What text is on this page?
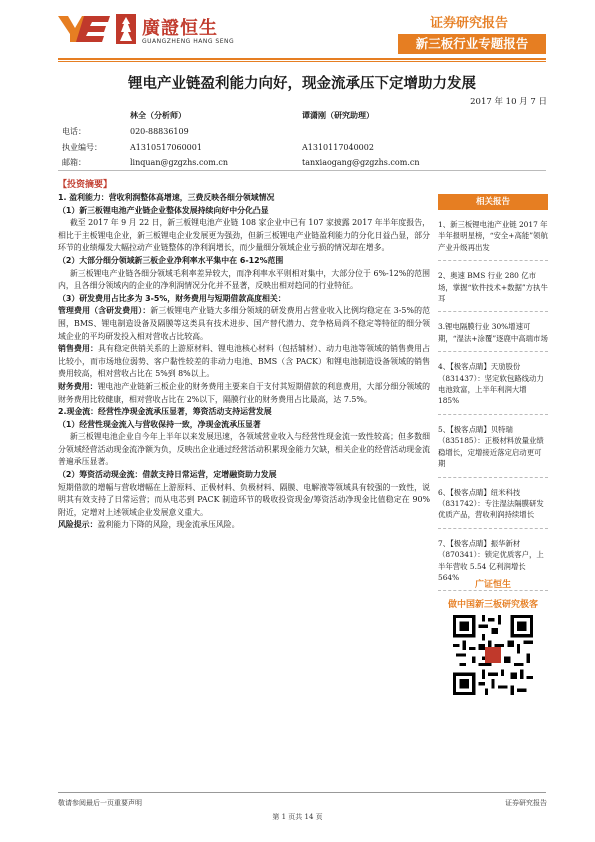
廣證恒生
GUANGZHENG HANG SENG
证券研究报告
新三板行业专题报告
锂电产业链盈利能力向好，现金流承压下定增助力发展
2017 年 10 月 7 日
林全（分析师）	谭潇刚（研究助理）
电话：	020-88836109
执业编号：	A1310517060001	A1310117040002
邮箱：	linquan@gzgzhs.com.cn	tanxiaogang@gzgzhs.com.cn
【投资摘要】

1. 盈利能力：营收利润整体高增速，三费反映各细分领域情况

（1）新三板锂电池产业链企业整体发展持续向好中分化凸显

截至 2017 年 9 月 22 日，新三板锂电池产业链 108 家企业中已有 107 家披露 2017 年半年度报告，相比于主板锂电企业，新三板锂电企业发展更为强劲，但新三板锂电产业链盈利能力的分化日益凸显，部分环节的业绩爆发大幅拉动产业链整体的净利润增长，而少量细分领域企业亏损的情况却在增多。

（2）大部分细分领域新三板企业净利率水平集中在 6-12%范围

新三板锂电产业链各细分领域毛利率差异较大，而净利率水平则相对集中，大部分位于 6%-12%的范围内，且各细分领域内的企业的净利润情况分化并不显著，反映出相对趋同的行业特征。

（3）研发费用占比多为 3-5%，财务费用与短期借款高度相关：

管理费用（含研发费用）：新三板锂电产业链大多细分领域的研发费用占营业收入比例均稳定在 3-5%的范围，BMS、锂电制造设备及隔膜等这类具有技术进步、国产替代潜力、竞争格局尚不稳定等特征的细分领域企业的平均研发投入相对营收占比较高。

销售费用：具有稳定供销关系的上游原材料、锂电池核心材料（包括辅材）、动力电池等领域的销售费用占比较小，而市场地位弱势、客户黏性较差的非动力电池、BMS（含 PACK）和锂电池制造设备领域的销售费用较高，相对营收占比在 5%到 8%以上。

财务费用：锂电池产业链新三板企业的财务费用主要来自于支付其短期借款的利息费用，大部分细分领域的财务费用比较健康，相对营收占比在 2%以下，隔膜行业的财务费用占比最高，达 7.5%。

2.现金流：经营性净现金流承压显著，筹资活动支持运营发展

（1）经营性现金流入与营收保持一致，净现金流承压显著

新三板锂电池企业自今年上半年以来发展迅速，各领域营业收入与经营性现金流一致性较高；但多数细分领域经营活动现金流净额为负，反映出企业通过经营活动积累现金能力欠缺，相关企业的经营活动现金流普遍承压显著。

（2）筹资活动现金流：借款支持日常运营，定增融资助力发展

短期借款的增幅与营收增幅在上游原料、正极材料、负极材料、隔膜、电解液等领域具有较强的一致性，说明其有效支持了日常运营；而从电芯到 PACK 制造环节的吸收投资现金/筹资活动净现金比值稳定在 90%附近，定增对上述领域企业发展意义重大。

风险提示：盈利能力下降的风险，现金流承压风险。

相关报告
1、新三板锂电池产业链 2017 年半年报明星榜，“安全+高能”领航产业升级再出发
2、奥速 BMS 行业 280 亿市场，掌握“软件技术+数据”方执牛耳
3.锂电隔膜行业 30%增速可期，“湿法+涂覆”逐鹿中高端市场
4、【极客点睛】天劢股份（831437）：坚定软包路线动力电池致富，上半年利润大增 185%
5、【极客点睛】贝特瑞（835185）：正极材料放量业绩稳增长，定增接近落定启动更可期
6、【极客点睛】纽米科技（831742）：专注湿法隔膜研发优质产品，营收利润持续增长
7、【极客点睛】振华新材（870341）：锁定优质客户，上半年营收 5.54 亿利润增长 564%
广证恒生
做中国新三板研究极客
敬请参阅最后一页重要声明	证券研究报告
第 1 页共 14 页
